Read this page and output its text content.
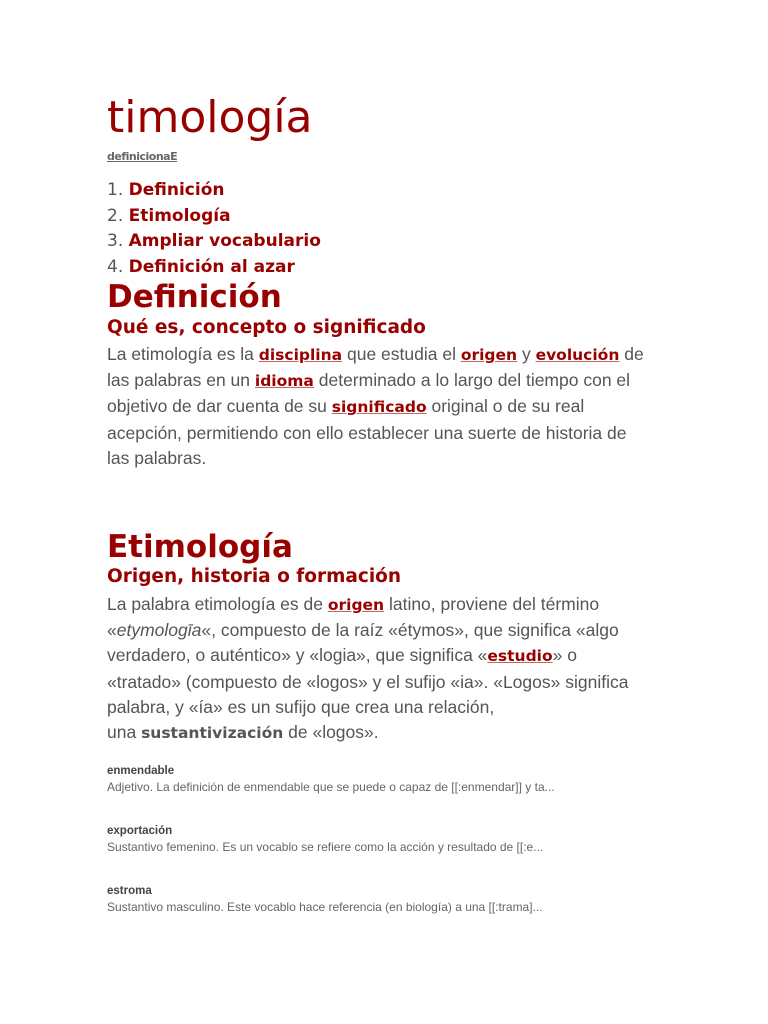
timología
definicionaE
1. Definición
2. Etimología
3. Ampliar vocabulario
4. Definición al azar
Definición
Qué es, concepto o significado

La etimología es la disciplina que estudia el origen y evolución de
las palabras en un idioma determinado a lo largo del tiempo con el
objetivo de dar cuenta de su significado original o de su real
acepción, permitiendo con ello establecer una suerte de historia de
las palabras.

Etimología
Origen, historia o formación

La palabra etimología es de origen latino, proviene del término
«etymologīa«, compuesto de la raíz «étymos», que significa «algo
verdadero, o auténtico» y «logia», que significa «estudio» o
«tratado» (compuesto de «logos» y el sufijo «ia». «Logos» significa
palabra, y «ía» es un sufijo que crea una relación,
una sustantivización de «logos».

enmendable
Adjetivo. La definición de enmendable que se puede o capaz de [[:enmendar]] y ta...
exportación
Sustantivo femenino. Es un vocablo se refiere como la acción y resultado de [[:e...
estroma
Sustantivo masculino. Este vocablo hace referencia (en biología) a una [[:trama]...
